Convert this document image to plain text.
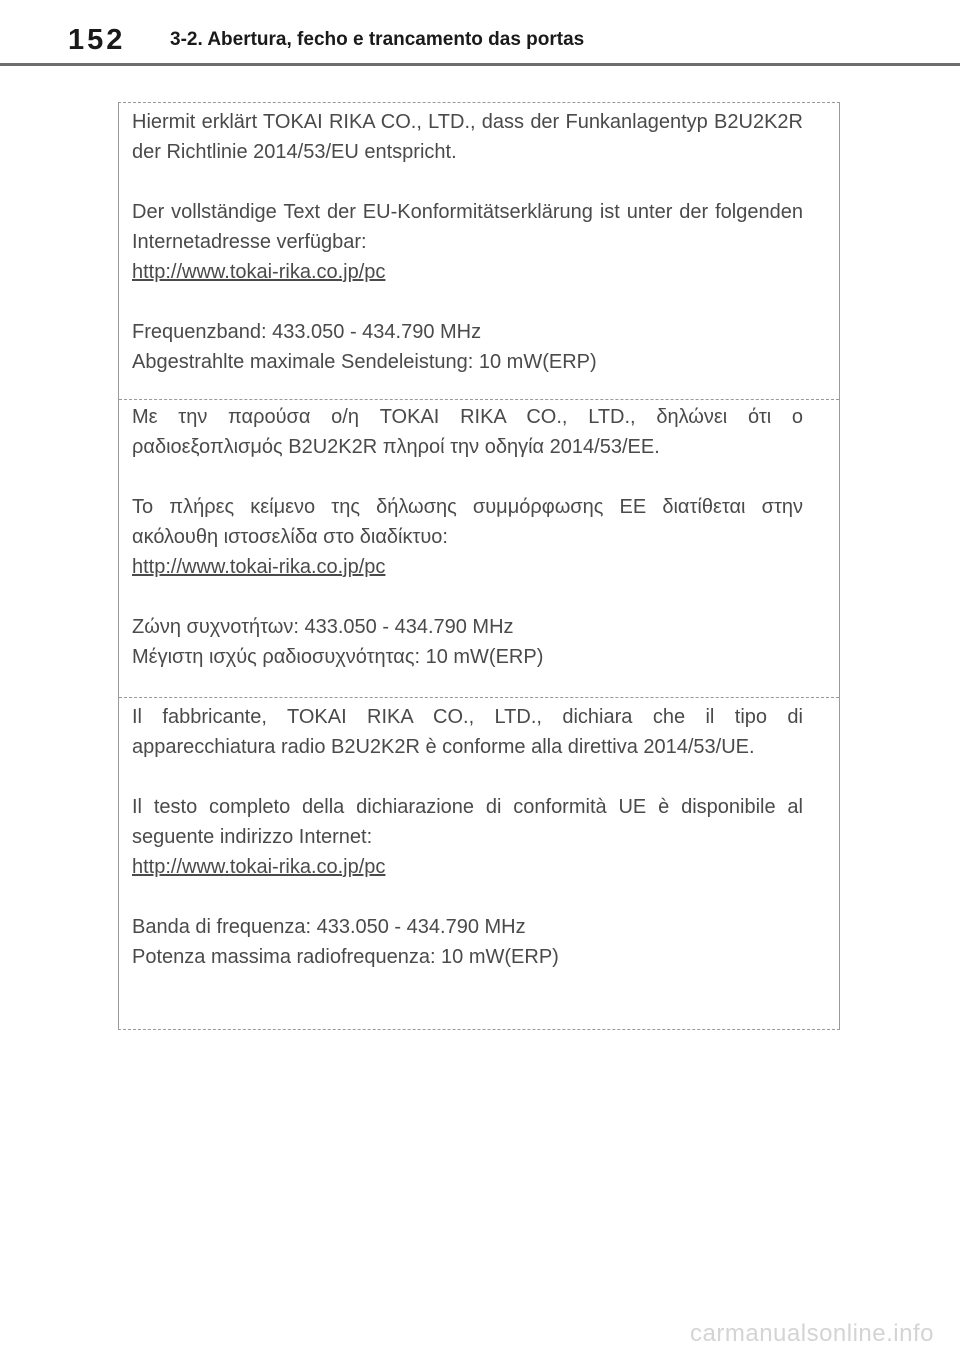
152 3-2. Abertura, fecho e trancamento das portas

Hiermit erklärt TOKAI RIKA CO., LTD., dass der Funkanlagentyp B2U2K2R der Richtlinie 2014/53/EU entspricht.

Der vollständige Text der EU-Konformitätserklärung ist unter der folgenden Internetadresse verfügbar:

http://www.tokai-rika.co.jp/pc

Frequenzband: 433.050 - 434.790 MHz

Abgestrahlte maximale Sendeleistung: 10 mW(ERP)

Με την παρούσα ο/η TOKAI RIKA CO., LTD., δηλώνει ότι ο ραδιοεξοπλισμός B2U2K2R πληροί την οδηγία 2014/53/ΕΕ.

Το πλήρες κείμενο της δήλωσης συμμόρφωσης ΕΕ διατίθεται στην ακόλουθη ιστοσελίδα στο διαδίκτυο:

http://www.tokai-rika.co.jp/pc

Ζώνη συχνοτήτων: 433.050 - 434.790 MHz

Μέγιστη ισχύς ραδιοσυχνότητας: 10 mW(ERP)

Il fabbricante, TOKAI RIKA CO., LTD., dichiara che il tipo di apparecchiatura radio B2U2K2R è conforme alla direttiva 2014/53/UE.

Il testo completo della dichiarazione di conformità UE è disponibile al seguente indirizzo Internet:

http://www.tokai-rika.co.jp/pc

Banda di frequenza: 433.050 - 434.790 MHz

Potenza massima radiofrequenza: 10 mW(ERP)

carmanualsonline.info
